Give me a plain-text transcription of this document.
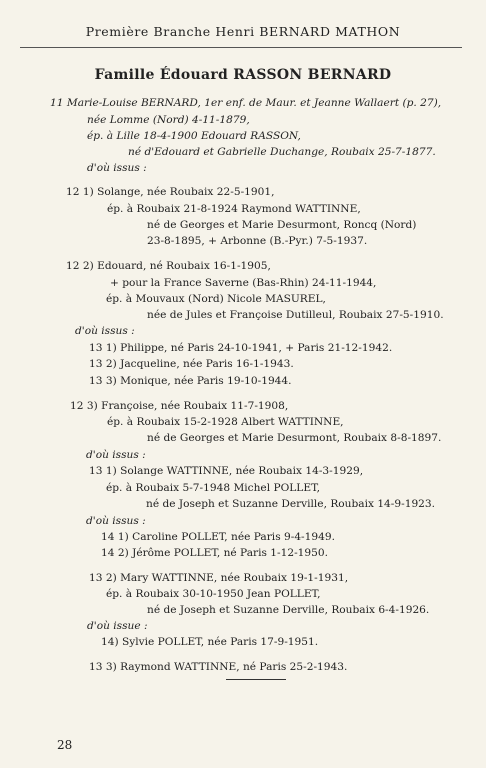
Première Branche Henri BERNARD MATHON
Famille Édouard RASSON BERNARD
11 Marie-Louise BERNARD, 1er enf. de Maur. et Jeanne Wallaert (p. 27),
née Lomme (Nord) 4-11-1879,
ép. à Lille 18-4-1900 Edouard RASSON,
né d'Edouard et Gabrielle Duchange, Roubaix 25-7-1877.
d'où issus :
12 1) Solange, née Roubaix 22-5-1901,
ép. à Roubaix 21-8-1924 Raymond WATTINNE,
né de Georges et Marie Desurmont, Roncq (Nord)
23-8-1895, + Arbonne (B.-Pyr.) 7-5-1937.
12 2) Edouard, né Roubaix 16-1-1905,
+ pour la France Saverne (Bas-Rhin) 24-11-1944,
ép. à Mouvaux (Nord) Nicole MASUREL,
née de Jules et Françoise Dutilleul, Roubaix 27-5-1910.
d'où issus :
13 1) Philippe, né Paris 24-10-1941, + Paris 21-12-1942.
13 2) Jacqueline, née Paris 16-1-1943.
13 3) Monique, née Paris 19-10-1944.
12 3) Françoise, née Roubaix 11-7-1908,
ép. à Roubaix 15-2-1928 Albert WATTINNE,
né de Georges et Marie Desurmont, Roubaix 8-8-1897.
d'où issus :
13 1) Solange WATTINNE, née Roubaix 14-3-1929,
ép. à Roubaix 5-7-1948 Michel POLLET,
né de Joseph et Suzanne Derville, Roubaix 14-9-1923.
d'où issus :
14 1) Caroline POLLET, née Paris 9-4-1949.
14 2) Jérôme POLLET, né Paris 1-12-1950.
13 2) Mary WATTINNE, née Roubaix 19-1-1931,
ép. à Roubaix 30-10-1950 Jean POLLET,
né de Joseph et Suzanne Derville, Roubaix 6-4-1926.
d'où issue :
14) Sylvie POLLET, née Paris 17-9-1951.
13 3) Raymond WATTINNE, né Paris 25-2-1943.
28
